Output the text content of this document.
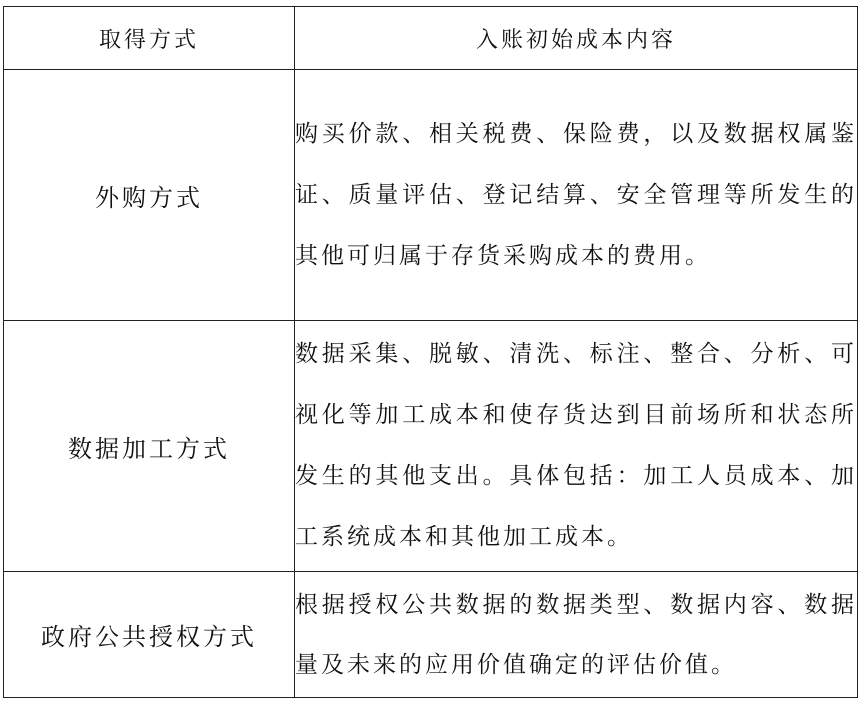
取得方式	入账初始成本内容
外购方式	购买价款、相关税费、保险费，以及数据权属鉴证、质量评估、登记结算、安全管理等所发生的其他可归属于存货采购成本的费用。
数据加工方式	数据采集、脱敏、清洗、标注、整合、分析、可视化等加工成本和使存货达到目前场所和状态所发生的其他支出。具体包括：加工人员成本、加工系统成本和其他加工成本。
政府公共授权方式	根据授权公共数据的数据类型、数据内容、数据量及未来的应用价值确定的评估价值。
